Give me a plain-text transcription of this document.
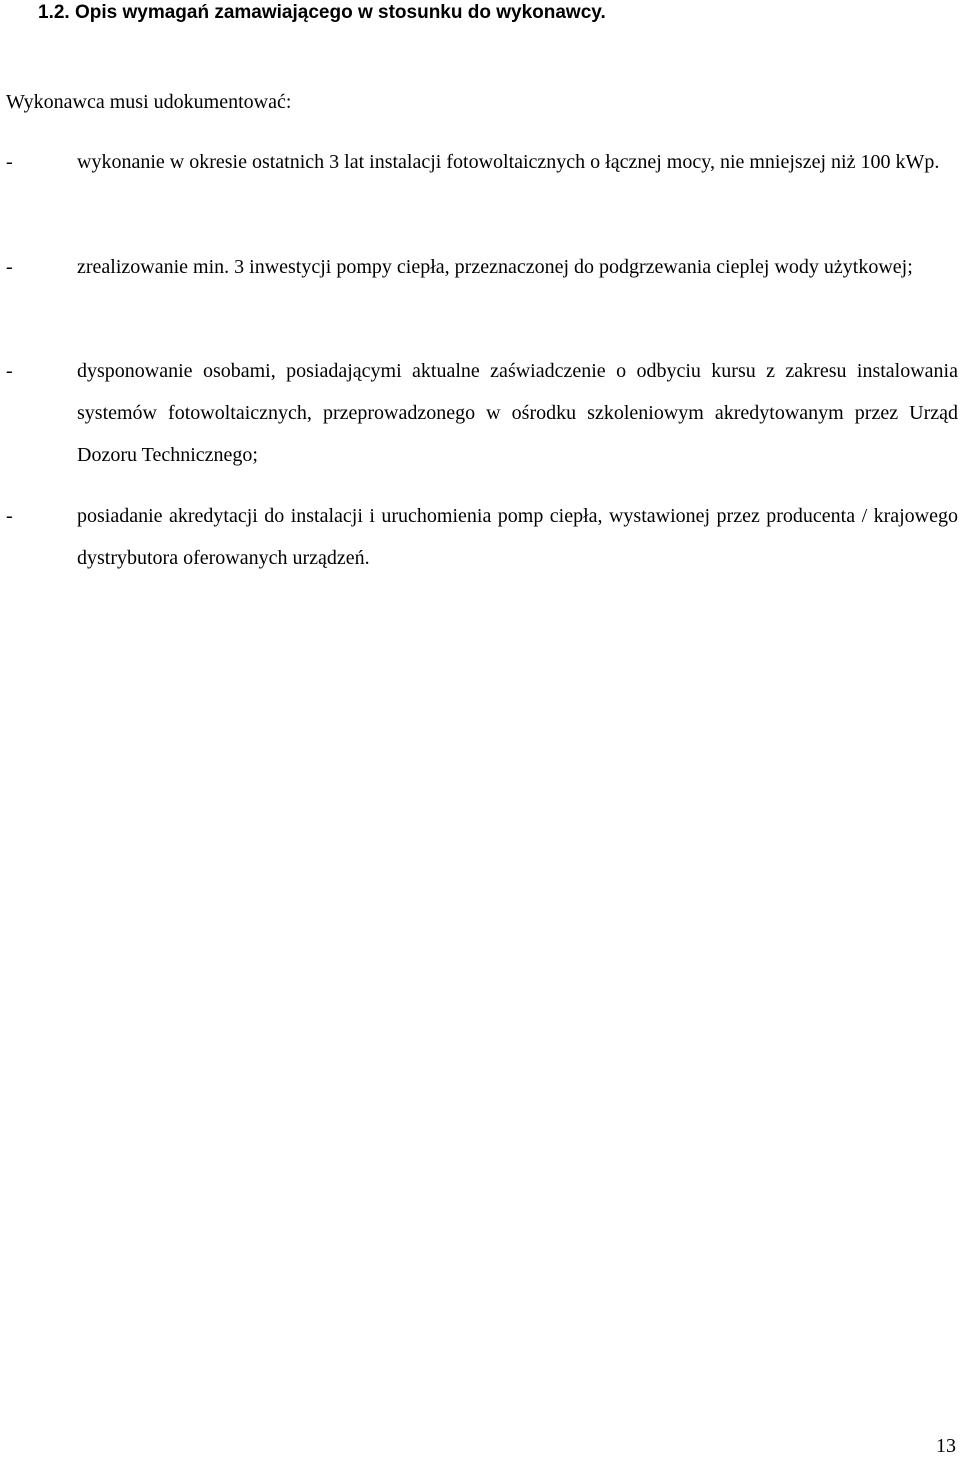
1.2. Opis wymagań zamawiającego w stosunku do wykonawcy.
Wykonawca musi udokumentować:
-	wykonanie w okresie ostatnich 3 lat instalacji fotowoltaicznych o łącznej mocy, nie mniejszej niż 100 kWp.
-	zrealizowanie min. 3 inwestycji pompy ciepła, przeznaczonej do podgrzewania cieplej wody użytkowej;
-	dysponowanie osobami, posiadającymi aktualne zaświadczenie o odbyciu kursu z zakresu instalowania systemów fotowoltaicznych, przeprowadzonego w ośrodku szkoleniowym akredytowanym przez Urząd Dozoru Technicznego;
-	posiadanie akredytacji do instalacji i uruchomienia pomp ciepła, wystawionej przez producenta / krajowego dystrybutora oferowanych urządzeń.
13
